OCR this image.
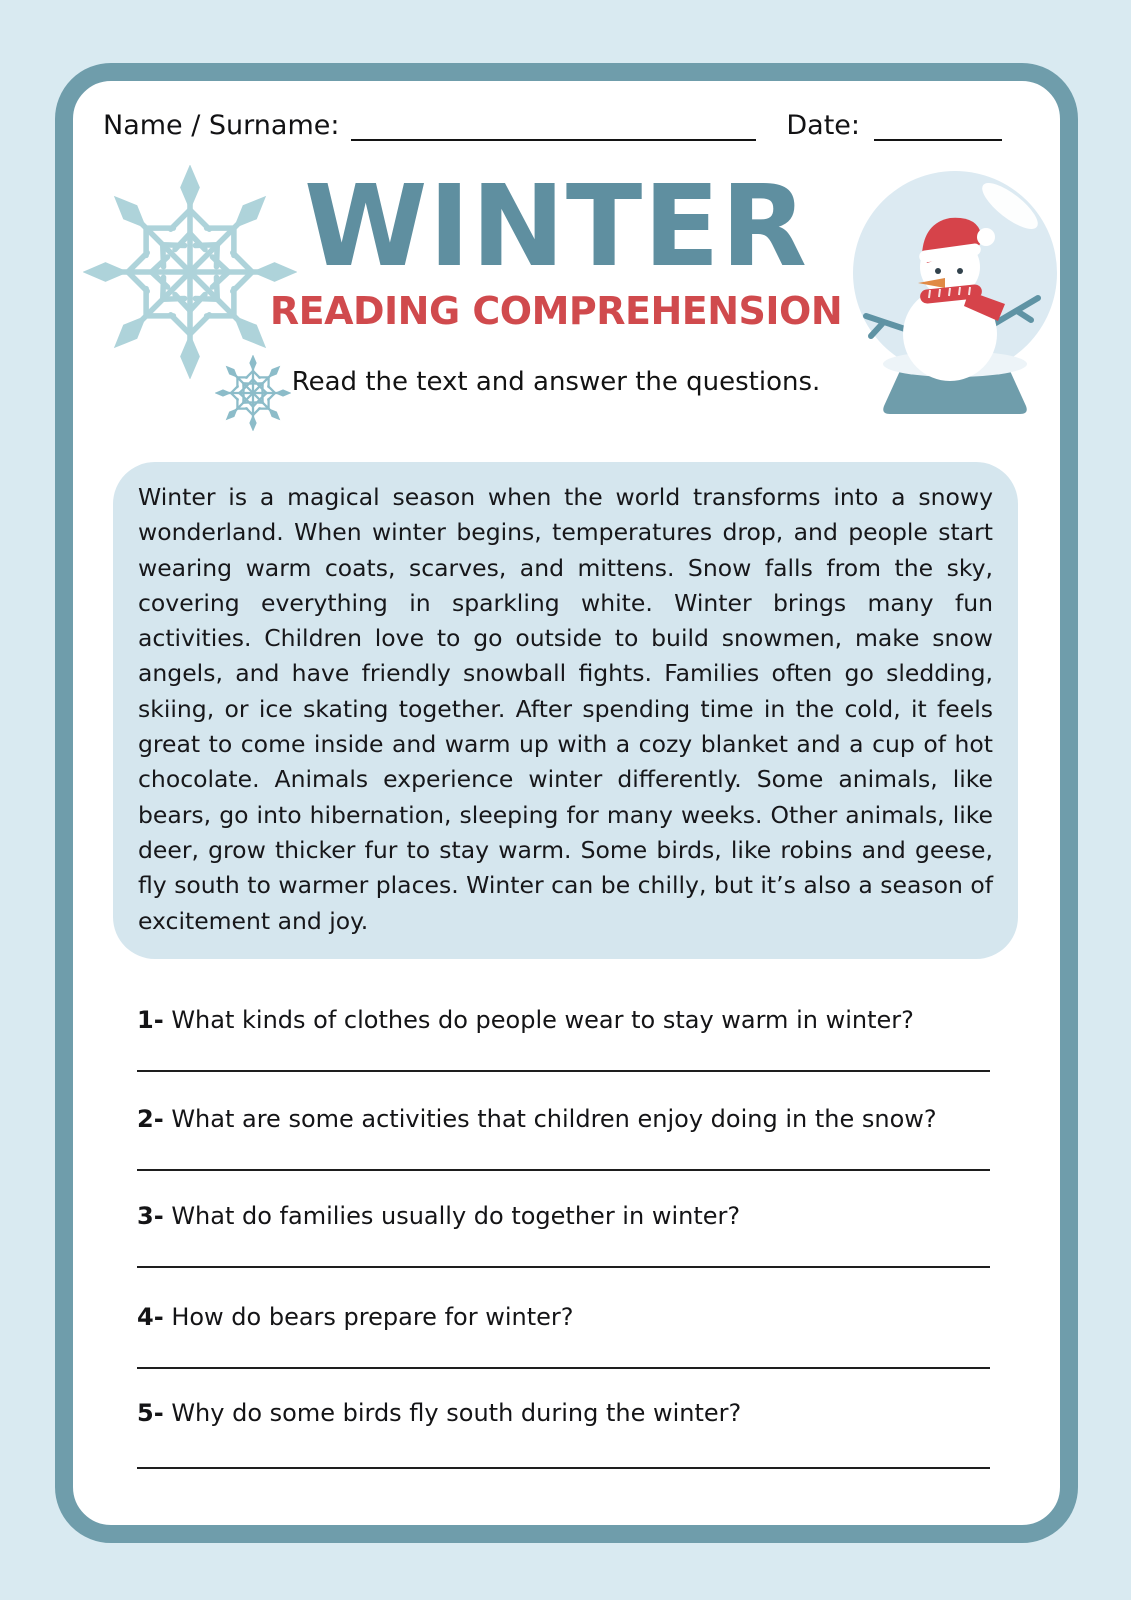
Name / Surname:	Date:
WINTER
READING COMPREHENSION
Read the text and answer the questions.

Winter is a magical season when the world transforms into a snowy wonderland. When winter begins, temperatures drop, and people start wearing warm coats, scarves, and mittens. Snow falls from the sky, covering everything in sparkling white. Winter brings many fun activities. Children love to go outside to build snowmen, make snow angels, and have friendly snowball fights. Families often go sledding, skiing, or ice skating together. After spending time in the cold, it feels great to come inside and warm up with a cozy blanket and a cup of hot chocolate. Animals experience winter differently. Some animals, like bears, go into hibernation, sleeping for many weeks. Other animals, like deer, grow thicker fur to stay warm. Some birds, like robins and geese, fly south to warmer places. Winter can be chilly, but it’s also a season of excitement and joy.

1- What kinds of clothes do people wear to stay warm in winter?
2- What are some activities that children enjoy doing in the snow?
3- What do families usually do together in winter?
4- How do bears prepare for winter?
5- Why do some birds fly south during the winter?
